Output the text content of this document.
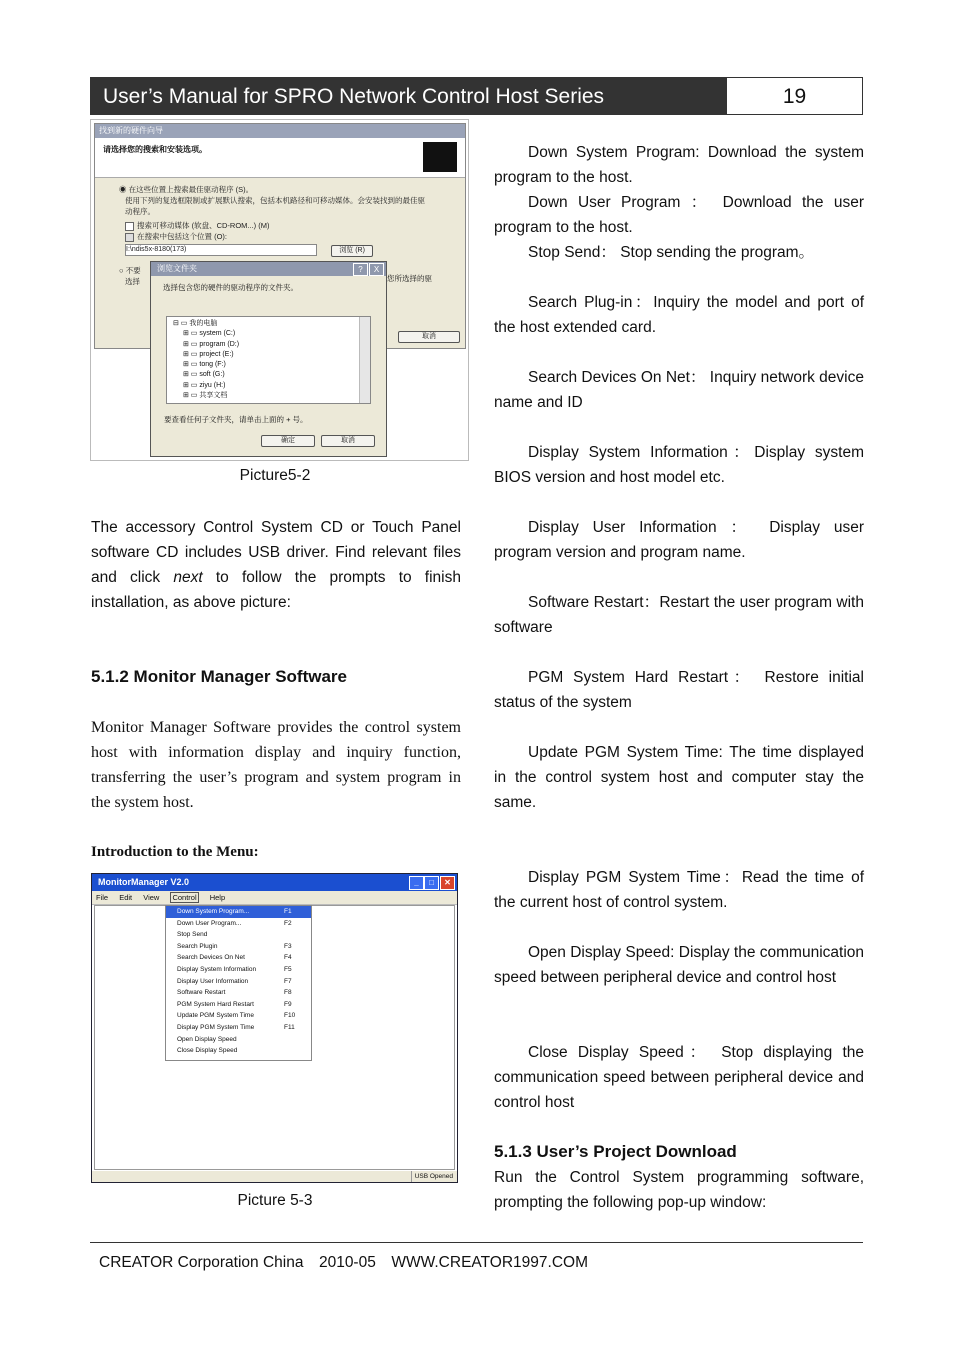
User’s Manual for SPRO Network Control Host Series	19
找到新的硬件向导
请选择您的搜索和安装选项。
◉ 在这些位置上搜索最佳驱动程序 (S)。
使用下列的复选框限制或扩展默认搜索，包括本机路径和可移动媒体。会安装找到的最佳驱动程序。
搜索可移动媒体 (软盘、CD-ROM...) (M)
在搜索中包括这个位置 (O):
I:\ndis5x-8180(173)	浏览 (R)
○ 不要
选择	您所选择的驱
取消
浏览文件夹	?	X
选择包含您的硬件的驱动程序的文件夹。
⊟ ▭ 我的电脑
⊞ ▭ system (C:)
⊞ ▭ program (D:)
⊞ ▭ project (E:)
⊞ ▭ tong (F:)
⊞ ▭ soft (G:)
⊞ ▭ ziyu (H:)
⊞ ▭ 共享文档
要查看任何子文件夹，请单击上面的 + 号。
确定	取消
Picture5-2
The accessory Control System CD or Touch Panel software CD includes USB driver. Find relevant files and click next to follow the prompts to finish installation, as above picture:
5.1.2 Monitor Manager Software
Monitor Manager Software provides the control system host with information display and inquiry function, transferring the user’s program and system program in the system host.
Introduction to the Menu:
MonitorManager V2.0	_	□	✕
File Edit View Control Help
Down System Program...	F1
Down User Program...	F2
Stop Send
Search Plugin	F3
Search Devices On Net	F4
Display System Information	F5
Display User Information	F7
Software Restart	F8
PGM System Hard Restart	F9
Update PGM System Time	F10
Display PGM System Time	F11
Open Display Speed
Close Display Speed
USB Opened
Picture 5-3
Down System Program: Download the system program to the host.
Down User Program ： Download the user program to the host.
Stop Send： Stop sending the program。
Search Plug-in：Inquiry the model and port of the host extended card.
Search Devices On Net： Inquiry network device name and ID
Display System Information：Display system BIOS version and host model etc.
Display User Information ： Display user program version and program name.
Software Restart：Restart the user program with software
PGM System Hard Restart： Restore initial status of the system
Update PGM System Time: The time displayed in the control system host and computer stay the same.
Display PGM System Time：Read the time of the current host of control system.
Open Display Speed: Display the communication speed between peripheral device and control host
Close Display Speed： Stop displaying the communication speed between peripheral device and control host
5.1.3 User’s Project Download
Run the Control System programming software, prompting the following pop-up window:
CREATOR Corporation China　2010-05　WWW.CREATOR1997.COM
